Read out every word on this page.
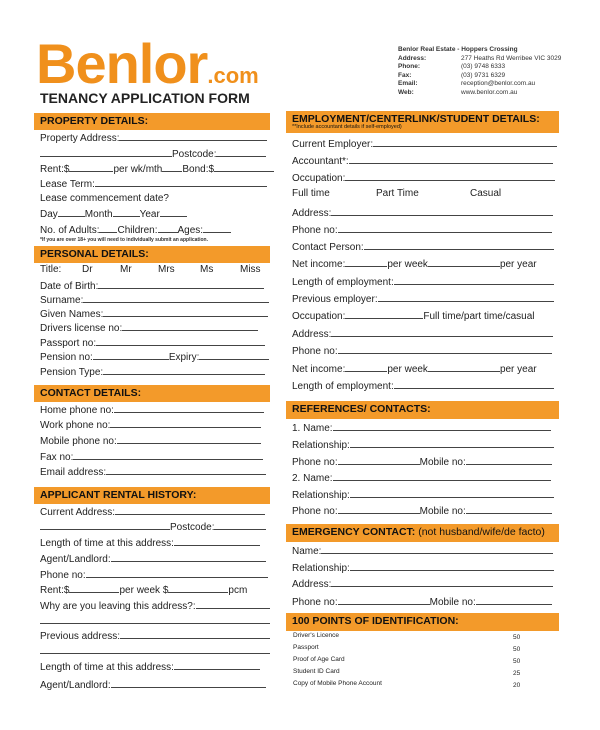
Benlor.com
TENANCY APPLICATION FORM
Benlor Real Estate - Hoppers Crossing
Address:	277 Heaths Rd Werribee VIC 3029
Phone:	(03) 9748 6333
Fax:	(03) 9731 6329
Email:	reception@benlor.com.au
Web:	www.benlor.com.au
PROPERTY DETAILS:
Property Address:
Postcode:
Rent:$	per wk/mth Bond:$
Lease Term:
Lease commencement date?
Day	Month	Year
No. of Adults: Children: Ages:
*If you are over 18+ you will need to individually submit an application.
PERSONAL DETAILS:
Title: Dr	Mr	Mrs	Ms	Miss
Date of Birth:
Surname:
Given Names:
Drivers license no:
Passport no:
Pension no:	Expiry:
Pension Type:
CONTACT DETAILS:
Home phone no:
Work phone no:
Mobile phone no:
Fax no:
Email address:
APPLICANT RENTAL HISTORY:
Current Address:
Postcode:
Length of time at this address:
Agent/Landlord:
Phone no:
Rent:$	per week $	pcm
Why are you leaving this address?:
Previous address:
Length of time at this address:
Agent/Landlord:
EMPLOYMENT/CENTERLINK/STUDENT DETAILS:
**Include accountant details if self-employed)
Current Employer:
Accountant*:
Occupation:
Full time	Part Time	Casual
Address:
Phone no:
Contact Person:
Net income:	per week	per year
Length of employment:
Previous employer:
Occupation:	Full time/part time/casual
Address:
Phone no:
Net income:	per week	per year
Length of employment:
REFERENCES/ CONTACTS:
1. Name:
Relationship:
Phone no:	Mobile no:
2. Name:
Relationship:
Phone no:	Mobile no:
EMERGENCY CONTACT: (not husband/wife/de facto)
Name:
Relationship:
Address:
Phone no:	Mobile no:
100 POINTS OF IDENTIFICATION:
Driver's Licence	50
Passport	50
Proof of Age Card	50
Student ID Card	25
Copy of Mobile Phone Account	20
